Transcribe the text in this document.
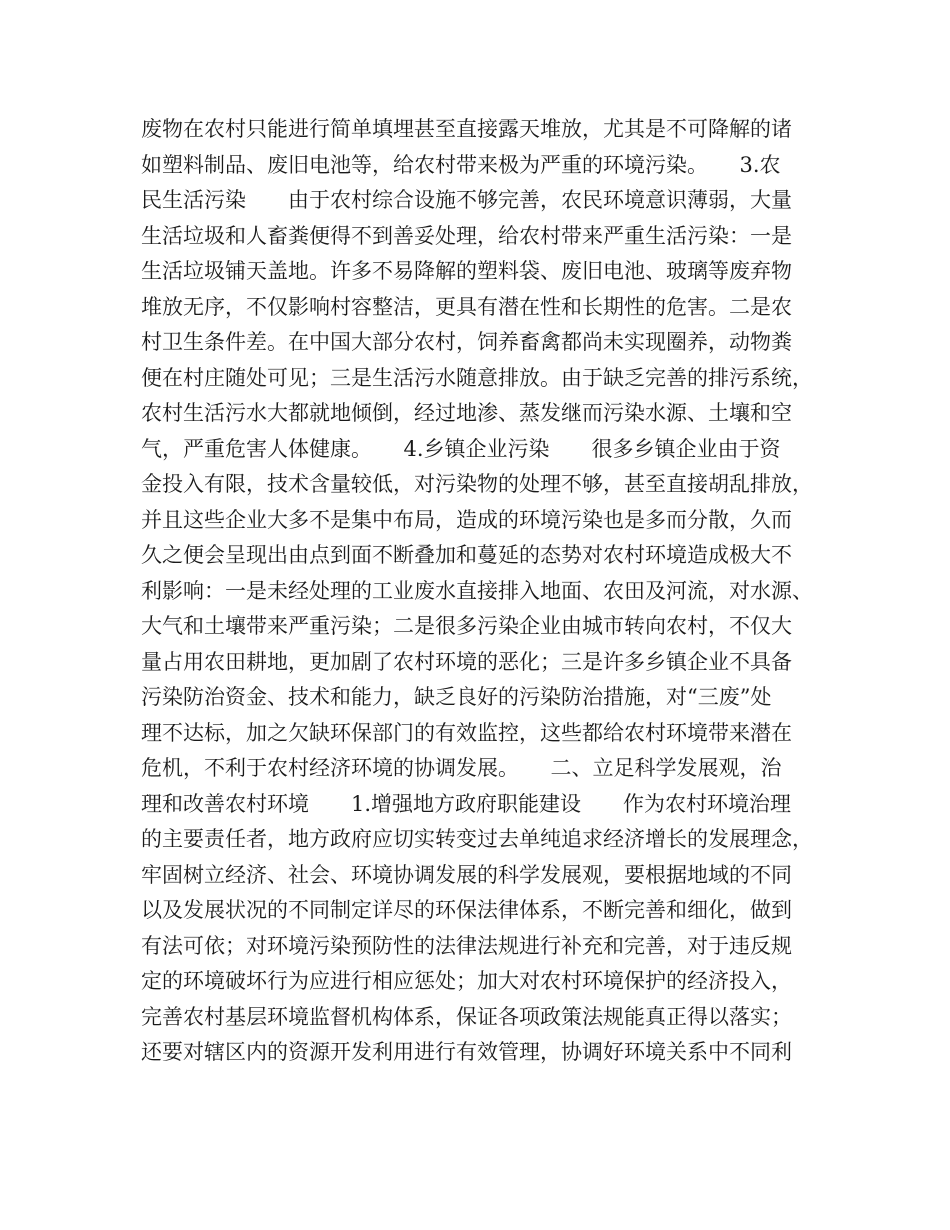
废物在农村只能进行简单填埋甚至直接露天堆放，尤其是不可降解的诸
如塑料制品、废旧电池等，给农村带来极为严重的环境污染。　　3.农
民生活污染　　由于农村综合设施不够完善，农民环境意识薄弱，大量
生活垃圾和人畜粪便得不到善妥处理，给农村带来严重生活污染：一是
生活垃圾铺天盖地。许多不易降解的塑料袋、废旧电池、玻璃等废弃物
堆放无序，不仅影响村容整洁，更具有潜在性和长期性的危害。二是农
村卫生条件差。在中国大部分农村，饲养畜禽都尚未实现圈养，动物粪
便在村庄随处可见；三是生活污水随意排放。由于缺乏完善的排污系统，
农村生活污水大都就地倾倒，经过地渗、蒸发继而污染水源、土壤和空
气，严重危害人体健康。　　4.乡镇企业污染　　很多乡镇企业由于资
金投入有限，技术含量较低，对污染物的处理不够，甚至直接胡乱排放，
并且这些企业大多不是集中布局，造成的环境污染也是多而分散，久而
久之便会呈现出由点到面不断叠加和蔓延的态势对农村环境造成极大不
利影响：一是未经处理的工业废水直接排入地面、农田及河流，对水源、
大气和土壤带来严重污染；二是很多污染企业由城市转向农村，不仅大
量占用农田耕地，更加剧了农村环境的恶化；三是许多乡镇企业不具备
污染防治资金、技术和能力，缺乏良好的污染防治措施，对“三废”处
理不达标，加之欠缺环保部门的有效监控，这些都给农村环境带来潜在
危机，不利于农村经济环境的协调发展。　　二、立足科学发展观，治
理和改善农村环境　　1.增强地方政府职能建设　　作为农村环境治理
的主要责任者，地方政府应切实转变过去单纯追求经济增长的发展理念，
牢固树立经济、社会、环境协调发展的科学发展观，要根据地域的不同
以及发展状况的不同制定详尽的环保法律体系，不断完善和细化，做到
有法可依；对环境污染预防性的法律法规进行补充和完善，对于违反规
定的环境破坏行为应进行相应惩处；加大对农村环境保护的经济投入，
完善农村基层环境监督机构体系，保证各项政策法规能真正得以落实；
还要对辖区内的资源开发利用进行有效管理，协调好环境关系中不同利
